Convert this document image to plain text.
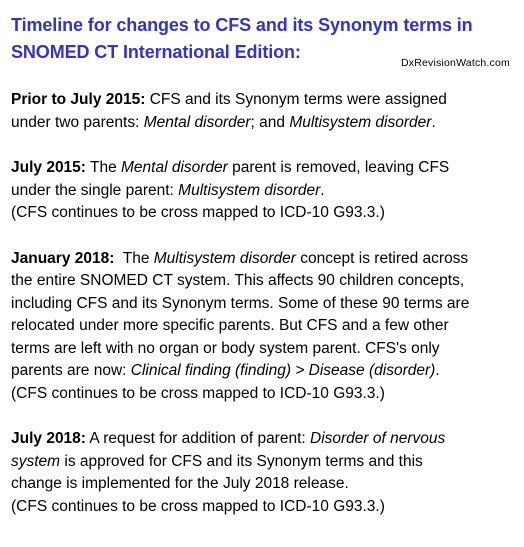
Timeline for changes to CFS and its Synonym terms in
SNOMED CT International Edition:
DxRevisionWatch.com

Prior to July 2015: CFS and its Synonym terms were assigned
under two parents: Mental disorder; and Multisystem disorder.

July 2015: The Mental disorder parent is removed, leaving CFS
under the single parent: Multisystem disorder.
(CFS continues to be cross mapped to ICD-10 G93.3.)

January 2018:  The Multisystem disorder concept is retired across
the entire SNOMED CT system. This affects 90 children concepts,
including CFS and its Synonym terms. Some of these 90 terms are
relocated under more specific parents. But CFS and a few other
terms are left with no organ or body system parent. CFS's only
parents are now: Clinical finding (finding) > Disease (disorder).
(CFS continues to be cross mapped to ICD-10 G93.3.)

July 2018: A request for addition of parent: Disorder of nervous
system is approved for CFS and its Synonym terms and this
change is implemented for the July 2018 release.
(CFS continues to be cross mapped to ICD-10 G93.3.)
